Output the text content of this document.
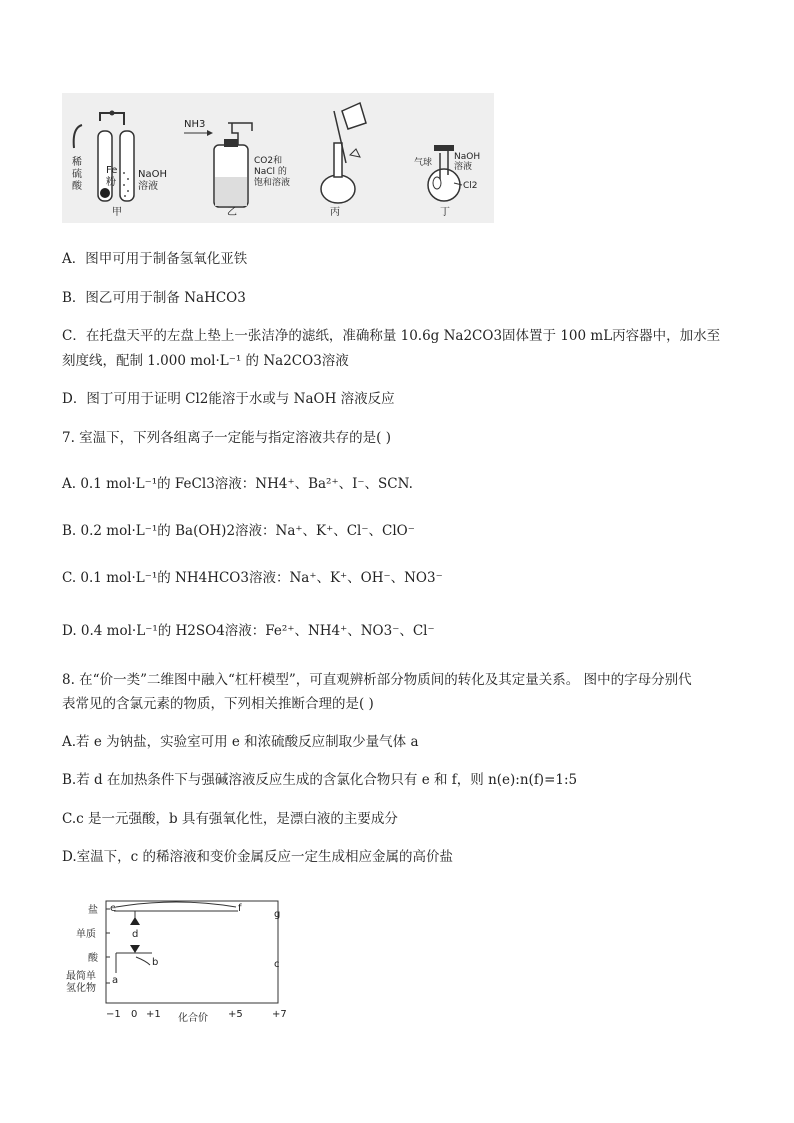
稀
硫
酸
Fe
粉
NaOH
溶液
甲
NH3
CO2和
NaCl 的
饱和溶液
乙	丙
气球
NaOH
溶液
Cl2
丁
A．图甲可用于制备氢氧化亚铁
B．图乙可用于制备 NaHCO3
C．在托盘天平的左盘上垫上一张洁净的滤纸，准确称量 10.6g Na2CO3固体置于 100 mL丙容器中，加水至
刻度线，配制 1.000 mol·L⁻¹ 的 Na2CO3溶液
D．图丁可用于证明 Cl2能溶于水或与 NaOH 溶液反应
7. 室温下，下列各组离子一定能与指定溶液共存的是( )
A. 0.1 mol·L⁻¹的 FeCl3溶液：NH4⁺、Ba²⁺、I⁻、SCN.
B. 0.2 mol·L⁻¹的 Ba(OH)2溶液：Na⁺、K⁺、Cl⁻、ClO⁻
C. 0.1 mol·L⁻¹的 NH4HCO3溶液：Na⁺、K⁺、OH⁻、NO3⁻
D. 0.4 mol·L⁻¹的 H2SO4溶液：Fe²⁺、NH4⁺、NO3⁻、Cl⁻
8. 在“价一类”二维图中融入“杠杆模型”，可直观辨析部分物质间的转化及其定量关系。 图中的字母分别代
表常见的含氯元素的物质，下列相关推断合理的是( )
A.若 e 为钠盐，实验室可用 e 和浓硫酸反应制取少量气体 a
B.若 d 在加热条件下与强碱溶液反应生成的含氯化合物只有 e 和 f，则 n(e):n(f)=1:5
C.c 是一元强酸，b 具有强氧化性，是漂白液的主要成分
D.室温下，c 的稀溶液和变价金属反应一定生成相应金属的高价盐
盐
单质
酸
最简单
氢化物
−1 0 +1	+5	+7
化合价
e	f
g
d
b	c
a
